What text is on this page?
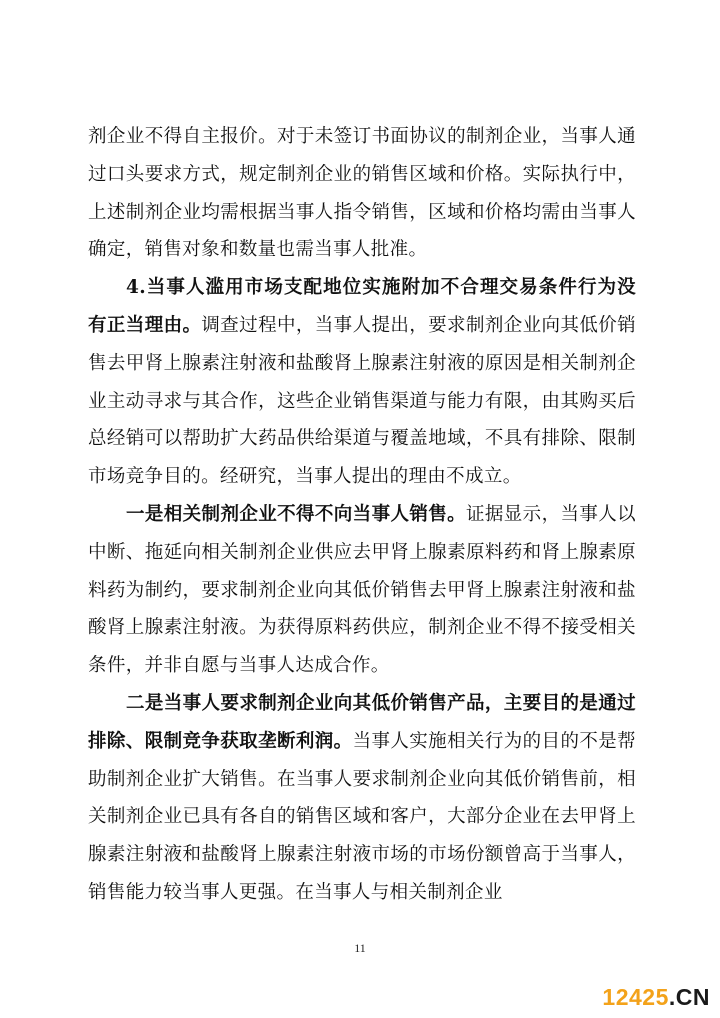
剂企业不得自主报价。对于未签订书面协议的制剂企业，当事人通过口头要求方式，规定制剂企业的销售区域和价格。实际执行中，上述制剂企业均需根据当事人指令销售，区域和价格均需由当事人确定，销售对象和数量也需当事人批准。

4.当事人滥用市场支配地位实施附加不合理交易条件行为没有正当理由。调查过程中，当事人提出，要求制剂企业向其低价销售去甲肾上腺素注射液和盐酸肾上腺素注射液的原因是相关制剂企业主动寻求与其合作，这些企业销售渠道与能力有限，由其购买后总经销可以帮助扩大药品供给渠道与覆盖地域，不具有排除、限制市场竞争目的。经研究，当事人提出的理由不成立。

一是相关制剂企业不得不向当事人销售。证据显示，当事人以中断、拖延向相关制剂企业供应去甲肾上腺素原料药和肾上腺素原料药为制约，要求制剂企业向其低价销售去甲肾上腺素注射液和盐酸肾上腺素注射液。为获得原料药供应，制剂企业不得不接受相关条件，并非自愿与当事人达成合作。

二是当事人要求制剂企业向其低价销售产品，主要目的是通过排除、限制竞争获取垄断利润。当事人实施相关行为的目的不是帮助制剂企业扩大销售。在当事人要求制剂企业向其低价销售前，相关制剂企业已具有各自的销售区域和客户，大部分企业在去甲肾上腺素注射液和盐酸肾上腺素注射液市场的市场份额曾高于当事人，销售能力较当事人更强。在当事人与相关制剂企业

11
12425.CN
